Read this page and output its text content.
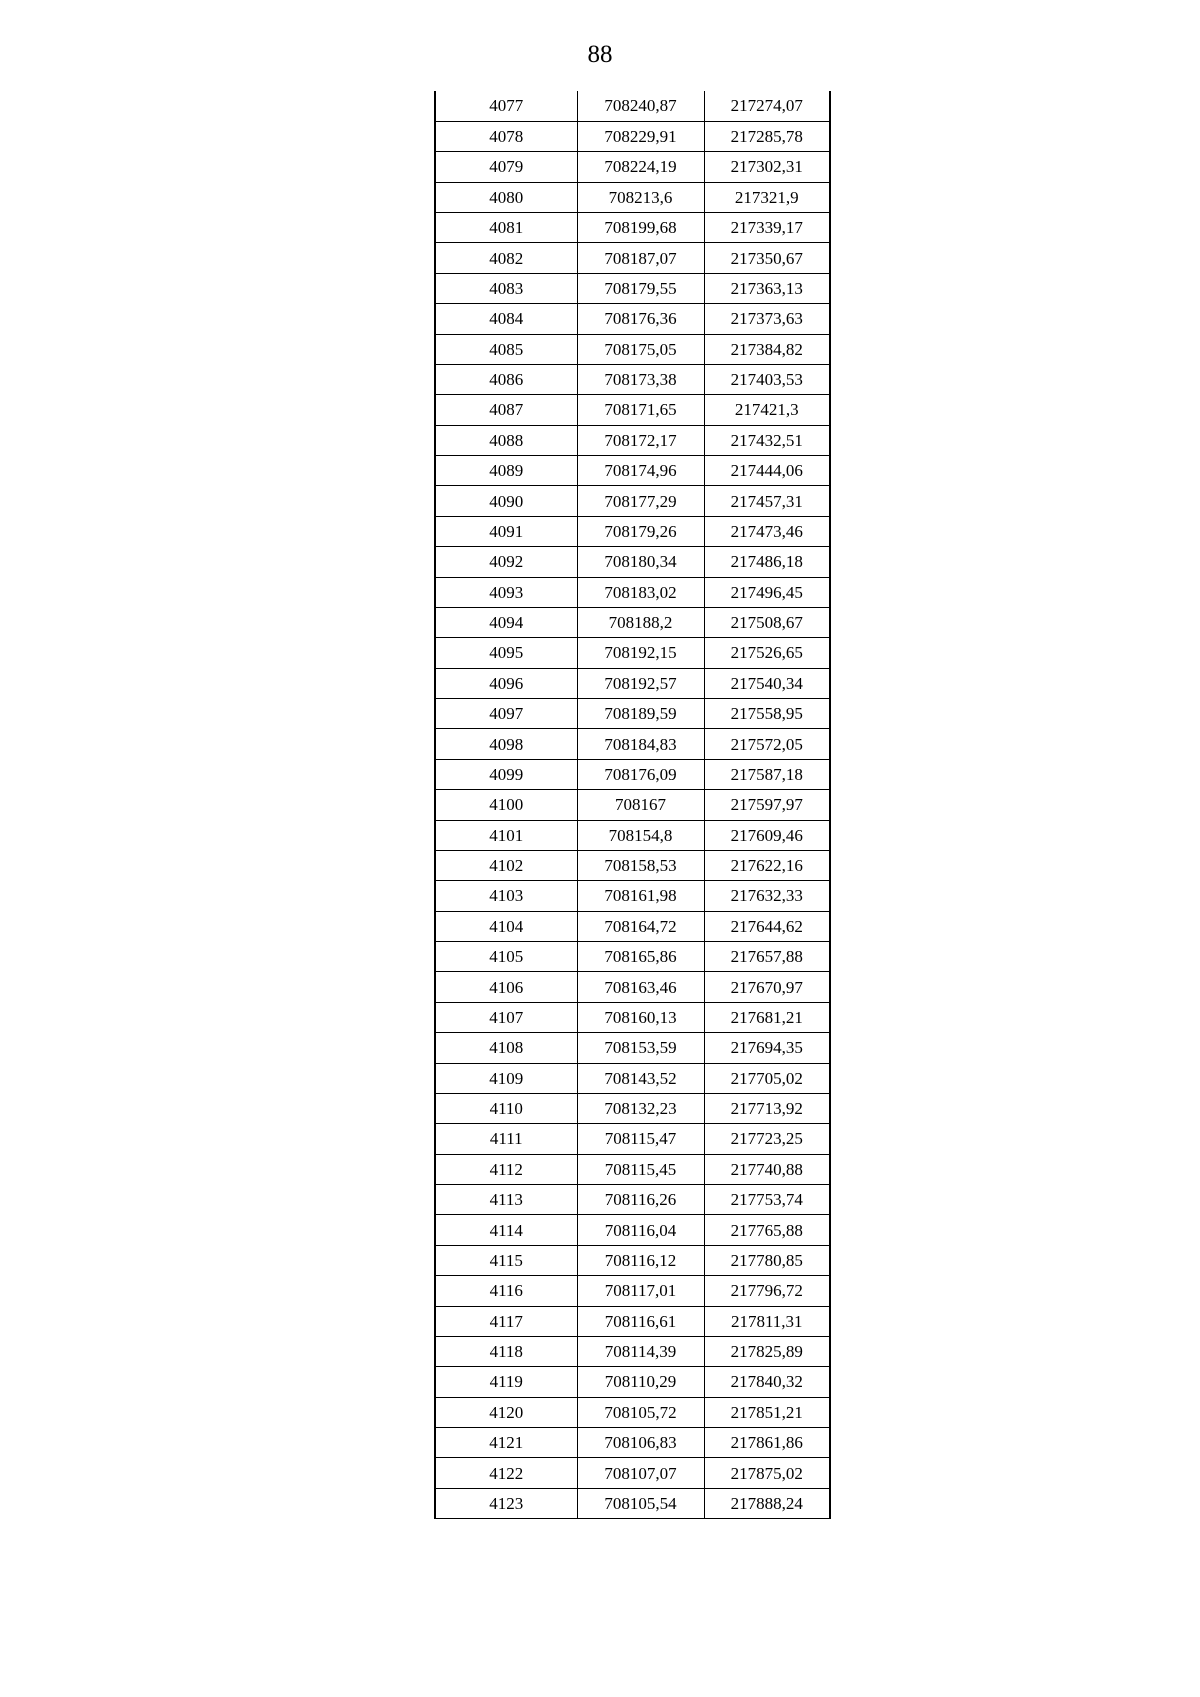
88
4077	708240,87	217274,07
4078	708229,91	217285,78
4079	708224,19	217302,31
4080	708213,6	217321,9
4081	708199,68	217339,17
4082	708187,07	217350,67
4083	708179,55	217363,13
4084	708176,36	217373,63
4085	708175,05	217384,82
4086	708173,38	217403,53
4087	708171,65	217421,3
4088	708172,17	217432,51
4089	708174,96	217444,06
4090	708177,29	217457,31
4091	708179,26	217473,46
4092	708180,34	217486,18
4093	708183,02	217496,45
4094	708188,2	217508,67
4095	708192,15	217526,65
4096	708192,57	217540,34
4097	708189,59	217558,95
4098	708184,83	217572,05
4099	708176,09	217587,18
4100	708167	217597,97
4101	708154,8	217609,46
4102	708158,53	217622,16
4103	708161,98	217632,33
4104	708164,72	217644,62
4105	708165,86	217657,88
4106	708163,46	217670,97
4107	708160,13	217681,21
4108	708153,59	217694,35
4109	708143,52	217705,02
4110	708132,23	217713,92
4111	708115,47	217723,25
4112	708115,45	217740,88
4113	708116,26	217753,74
4114	708116,04	217765,88
4115	708116,12	217780,85
4116	708117,01	217796,72
4117	708116,61	217811,31
4118	708114,39	217825,89
4119	708110,29	217840,32
4120	708105,72	217851,21
4121	708106,83	217861,86
4122	708107,07	217875,02
4123	708105,54	217888,24
